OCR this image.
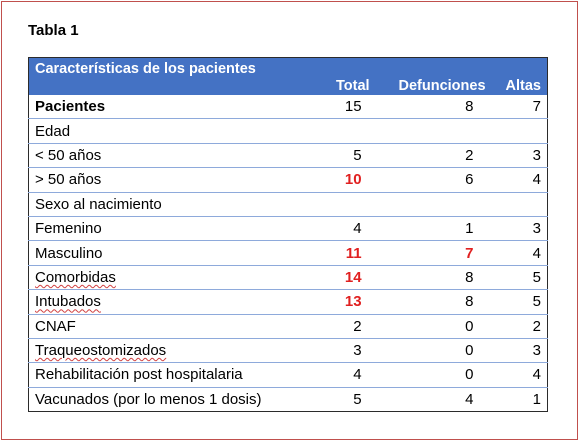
Tabla 1
Características de los pacientes	Total	Defunciones	Altas
Pacientes	15	8	7
Edad			
< 50 años	5	2	3
> 50 años	10	6	4
Sexo al nacimiento			
Femenino	4	1	3
Masculino	11	7	4
Comorbidas	14	8	5
Intubados	13	8	5
CNAF	2	0	2
Traqueostomizados	3	0	3
Rehabilitación post hospitalaria	4	0	4
Vacunados (por lo menos 1 dosis)	5	4	1
